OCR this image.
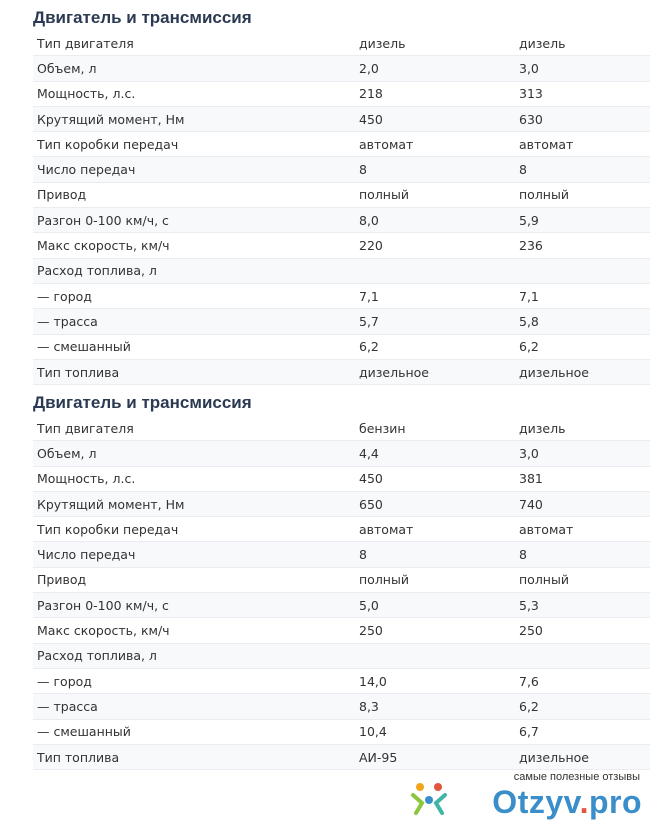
Двигатель и трансмиссия
Тип двигателя	дизель	дизель
Объем, л	2,0	3,0
Мощность, л.с.	218	313
Крутящий момент, Нм	450	630
Тип коробки передач	автомат	автомат
Число передач	8	8
Привод	полный	полный
Разгон 0-100 км/ч, с	8,0	5,9
Макс скорость, км/ч	220	236
Расход топлива, л		
— город	7,1	7,1
— трасса	5,7	5,8
— смешанный	6,2	6,2
Тип топлива	дизельное	дизельное
Двигатель и трансмиссия
Тип двигателя	бензин	дизель
Объем, л	4,4	3,0
Мощность, л.с.	450	381
Крутящий момент, Нм	650	740
Тип коробки передач	автомат	автомат
Число передач	8	8
Привод	полный	полный
Разгон 0-100 км/ч, с	5,0	5,3
Макс скорость, км/ч	250	250
Расход топлива, л		
— город	14,0	7,6
— трасса	8,3	6,2
— смешанный	10,4	6,7
Тип топлива	АИ-95	дизельное
самые полезные отзывы
Otzyv.pro
